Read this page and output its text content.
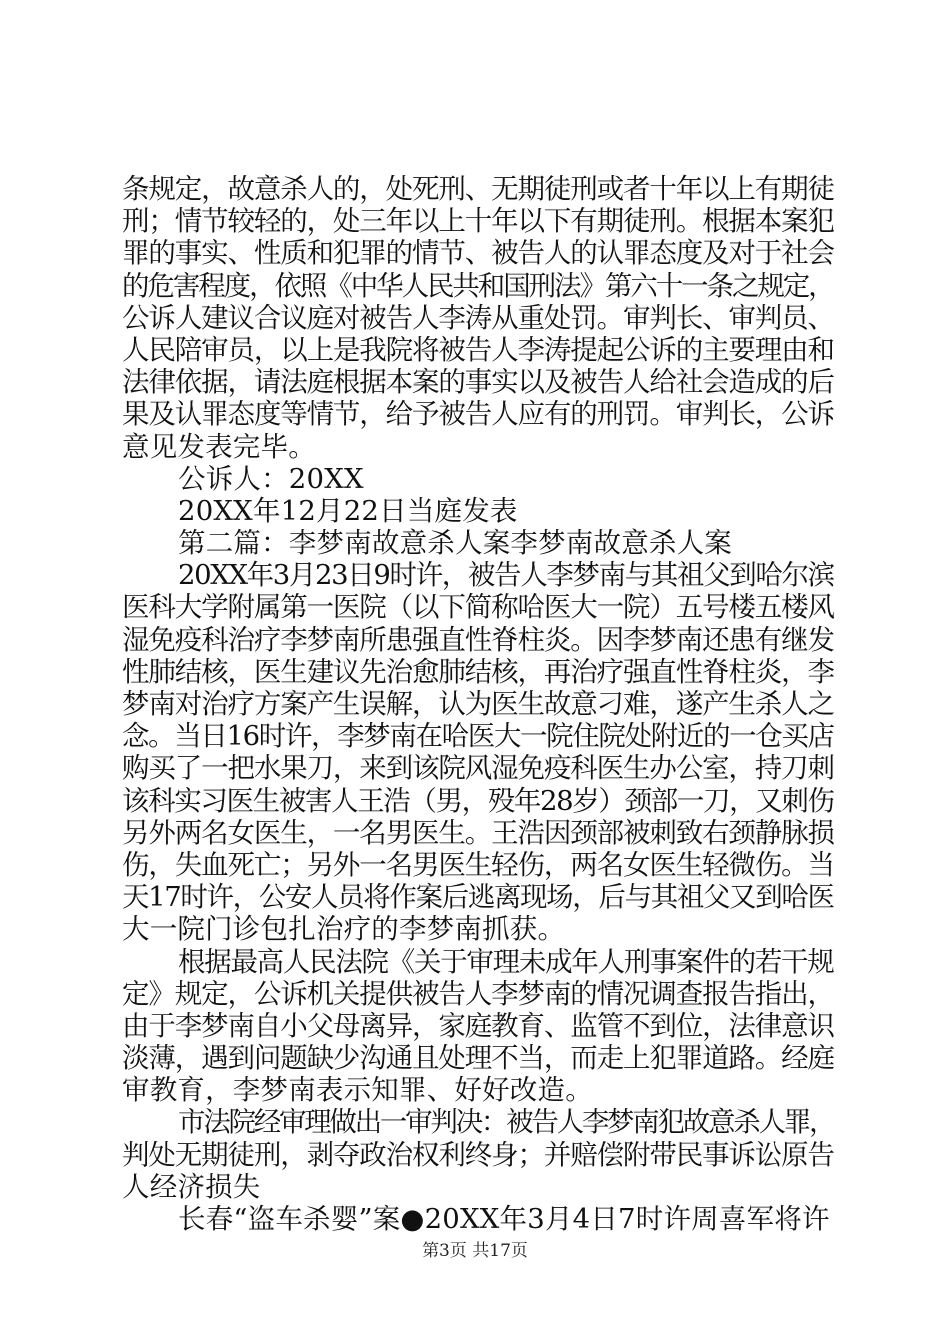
条规定，故意杀人的，处死刑、无期徒刑或者十年以上有期徒
刑；情节较轻的，处三年以上十年以下有期徒刑。根据本案犯
罪的事实、性质和犯罪的情节、被告人的认罪态度及对于社会
的危害程度，依照《中华人民共和国刑法》第六十一条之规定，
公诉人建议合议庭对被告人李涛从重处罚。审判长、审判员、
人民陪审员，以上是我院将被告人李涛提起公诉的主要理由和
法律依据，请法庭根据本案的事实以及被告人给社会造成的后
果及认罪态度等情节，给予被告人应有的刑罚。审判长，公诉
意见发表完毕。
公诉人：20XX
20XX年12月22日当庭发表
第二篇：李梦南故意杀人案李梦南故意杀人案
20XX年3月23日9时许，被告人李梦南与其祖父到哈尔滨
医科大学附属第一医院（以下简称哈医大一院）五号楼五楼风
湿免疫科治疗李梦南所患强直性脊柱炎。因李梦南还患有继发
性肺结核，医生建议先治愈肺结核，再治疗强直性脊柱炎，李
梦南对治疗方案产生误解，认为医生故意刁难，遂产生杀人之
念。当日16时许，李梦南在哈医大一院住院处附近的一仓买店
购买了一把水果刀，来到该院风湿免疫科医生办公室，持刀刺
该科实习医生被害人王浩（男，殁年28岁）颈部一刀，又刺伤
另外两名女医生，一名男医生。王浩因颈部被刺致右颈静脉损
伤，失血死亡；另外一名男医生轻伤，两名女医生轻微伤。当
天17时许，公安人员将作案后逃离现场，后与其祖父又到哈医
大一院门诊包扎治疗的李梦南抓获。
根据最高人民法院《关于审理未成年人刑事案件的若干规
定》规定，公诉机关提供被告人李梦南的情况调查报告指出，
由于李梦南自小父母离异，家庭教育、监管不到位，法律意识
淡薄，遇到问题缺少沟通且处理不当，而走上犯罪道路。经庭
审教育，李梦南表示知罪、好好改造。
市法院经审理做出一审判决：被告人李梦南犯故意杀人罪，
判处无期徒刑，剥夺政治权利终身；并赔偿附带民事诉讼原告
人经济损失
长春“盗车杀婴”案●20XX年3月4日7时许周喜军将许
第3页 共17页
